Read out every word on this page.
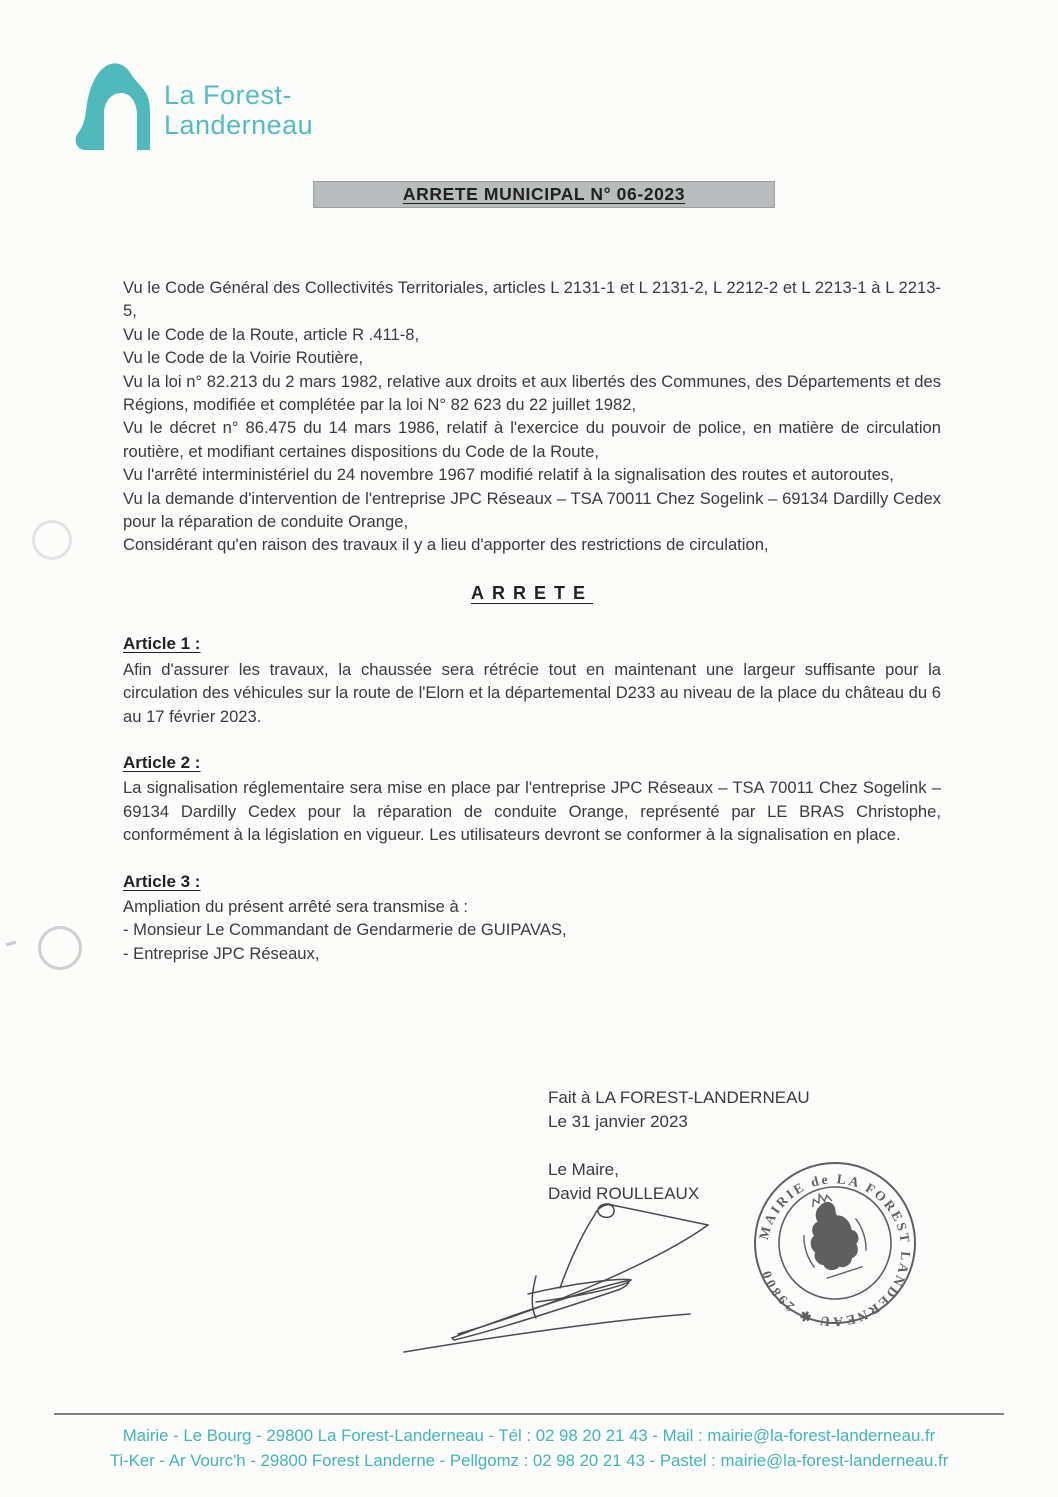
La Forest-
Landerneau
ARRETE MUNICIPAL N° 06-2023

Vu le Code Général des Collectivités Territoriales, articles L 2131-1 et L 2131-2, L 2212-2 et L 2213-1 à L 2213-5,

Vu le Code de la Route, article R .411-8,

Vu le Code de la Voirie Routière,

Vu la loi n° 82.213 du 2 mars 1982, relative aux droits et aux libertés des Communes, des Départements et des Régions, modifiée et complétée par la loi N° 82 623 du 22 juillet 1982,

Vu le décret n° 86.475 du 14 mars 1986, relatif à l'exercice du pouvoir de police, en matière de circulation routière, et modifiant certaines dispositions du Code de la Route,

Vu l'arrêté interministériel du 24 novembre 1967 modifié relatif à la signalisation des routes et autoroutes,

Vu la demande d'intervention de l'entreprise JPC Réseaux – TSA 70011 Chez Sogelink – 69134 Dardilly Cedex pour la réparation de conduite Orange,

Considérant qu'en raison des travaux il y a lieu d'apporter des restrictions de circulation,

ARRETE
Article 1 :

Afin d'assurer les travaux, la chaussée sera rétrécie tout en maintenant une largeur suffisante pour la circulation des véhicules sur la route de l'Elorn et la départemental D233 au niveau de la place du château du 6 au 17 février 2023.

Article 2 :

La signalisation réglementaire sera mise en place par l'entreprise JPC Réseaux – TSA 70011 Chez Sogelink – 69134 Dardilly Cedex pour la réparation de conduite Orange, représenté par LE BRAS Christophe, conformément à la législation en vigueur. Les utilisateurs devront se conformer à la signalisation en place.

Article 3 :

Ampliation du présent arrêté sera transmise à :

- Monsieur Le Commandant de Gendarmerie de GUIPAVAS,

- Entreprise JPC Réseaux,

Fait à LA FOREST-LANDERNEAU

Le 31 janvier 2023

Le Maire,

David ROULLEAUX

MAIRIE de LA FOREST LANDERNEAU ✱ 29800

Mairie - Le Bourg - 29800 La Forest-Landerneau - Tél : 02 98 20 21 43 - Mail : mairie@la-forest-landerneau.fr

Ti-Ker - Ar Vourc'h - 29800 Forest Landerne - Pellgomz : 02 98 20 21 43 - Pastel : mairie@la-forest-landerneau.fr
